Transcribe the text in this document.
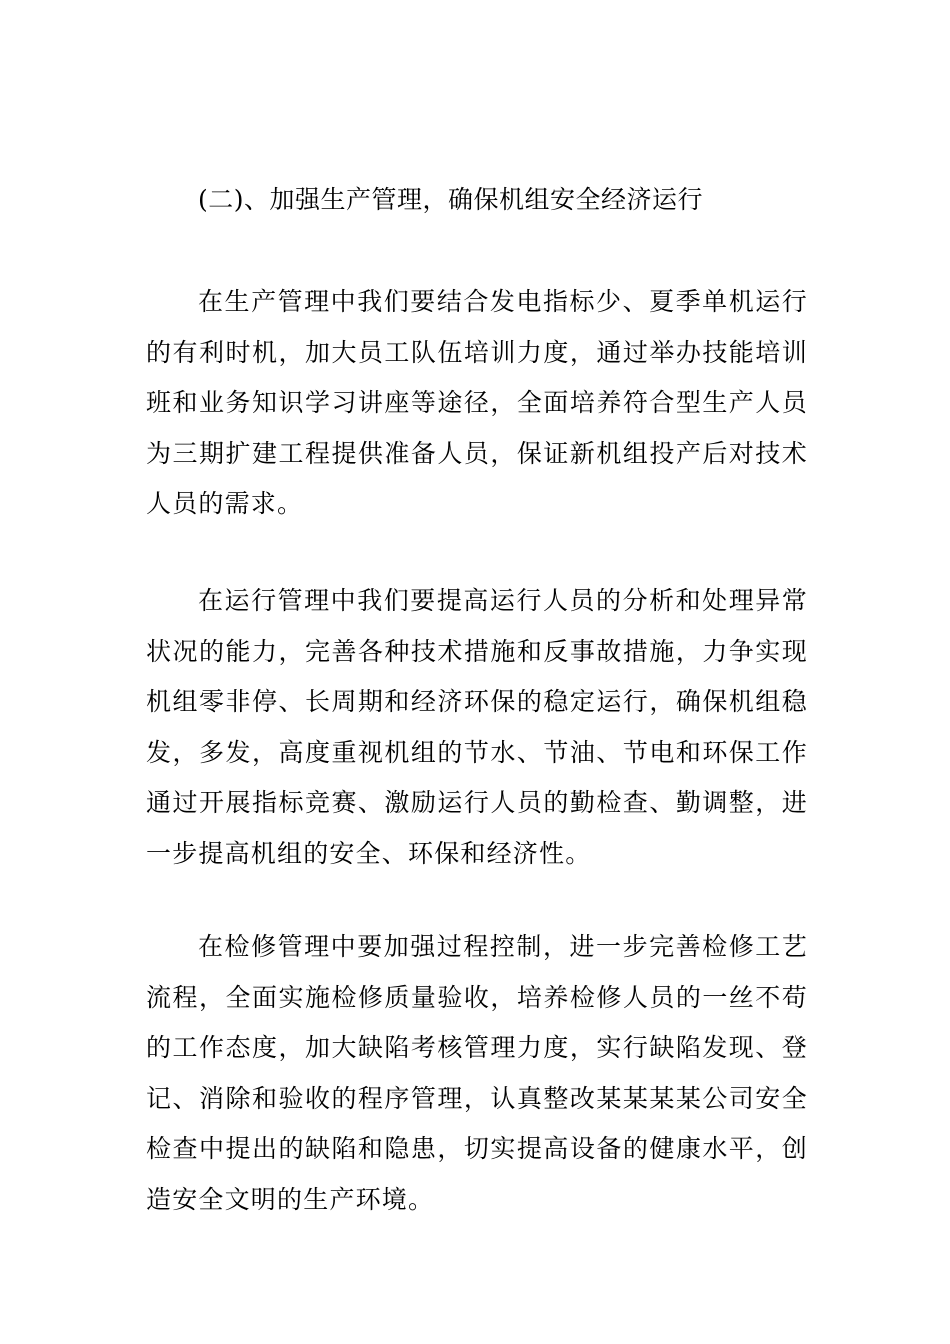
(二)、加强生产管理，确保机组安全经济运行

在生产管理中我们要结合发电指标少、夏季单机运行的有利时机，加大员工队伍培训力度，通过举办技能培训班和业务知识学习讲座等途径，全面培养符合型生产人员为三期扩建工程提供准备人员，保证新机组投产后对技术人员的需求。

在运行管理中我们要提高运行人员的分析和处理异常状况的能力，完善各种技术措施和反事故措施，力争实现机组零非停、长周期和经济环保的稳定运行，确保机组稳发，多发，高度重视机组的节水、节油、节电和环保工作通过开展指标竞赛、激励运行人员的勤检查、勤调整，进一步提高机组的安全、环保和经济性。

在检修管理中要加强过程控制，进一步完善检修工艺流程，全面实施检修质量验收，培养检修人员的一丝不苟的工作态度，加大缺陷考核管理力度，实行缺陷发现、登记、消除和验收的程序管理，认真整改某某某某公司安全检查中提出的缺陷和隐患，切实提高设备的健康水平，创造安全文明的生产环境。
